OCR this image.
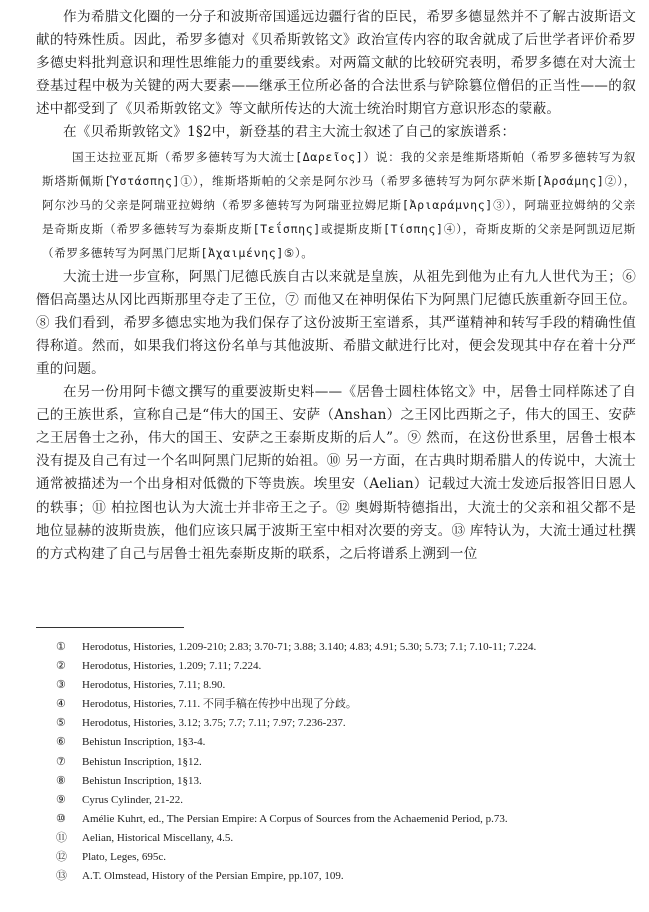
作为希腊文化圈的一分子和波斯帝国遥远边疆行省的臣民，希罗多德显然并不了解古波斯语文献的特殊性质。因此，希罗多德对《贝希斯敦铭文》政治宣传内容的取舍就成了后世学者评价希罗多德史料批判意识和理性思维能力的重要线索。对两篇文献的比较研究表明，希罗多德在对大流士登基过程中极为关键的两大要素——继承王位所必备的合法世系与铲除篡位僧侣的正当性——的叙述中都受到了《贝希斯敦铭文》等文献所传达的大流士统治时期官方意识形态的蒙蔽。

在《贝希斯敦铭文》1§2中，新登基的君主大流士叙述了自己的家族谱系：

国王达拉亚瓦斯（希罗多德转写为大流士[Δαρεῖος]）说：我的父亲是维斯塔斯帕（希罗多德转写为叙斯塔斯佩斯[Ὑστάσπης]①），维斯塔斯帕的父亲是阿尔沙马（希罗多德转写为阿尔萨米斯[Ἀρσάμης]②），阿尔沙马的父亲是阿瑞亚拉姆纳（希罗多德转写为阿瑞亚拉姆尼斯[Ἀριαράμνης]③），阿瑞亚拉姆纳的父亲是奇斯皮斯（希罗多德转写为泰斯皮斯[Τεΐσπης]或提斯皮斯[Τίσπης]④），奇斯皮斯的父亲是阿凯迈尼斯（希罗多德转写为阿黑门尼斯[Ἀχαιμένης]⑤）。

大流士进一步宣称，阿黑门尼德氏族自古以来就是皇族，从祖先到他为止有九人世代为王；⑥ 僭侣高墨达从冈比西斯那里夺走了王位，⑦ 而他又在神明保佑下为阿黑门尼德氏族重新夺回王位。⑧ 我们看到，希罗多德忠实地为我们保存了这份波斯王室谱系，其严谨精神和转写手段的精确性值得称道。然而，如果我们将这份名单与其他波斯、希腊文献进行比对，便会发现其中存在着十分严重的问题。

在另一份用阿卡德文撰写的重要波斯史料——《居鲁士圆柱体铭文》中，居鲁士同样陈述了自己的王族世系，宣称自己是“伟大的国王、安萨（Anshan）之王冈比西斯之子，伟大的国王、安萨之王居鲁士之孙，伟大的国王、安萨之王泰斯皮斯的后人”。⑨ 然而，在这份世系里，居鲁士根本没有提及自己有过一个名叫阿黑门尼斯的始祖。⑩ 另一方面，在古典时期希腊人的传说中，大流士通常被描述为一个出身相对低微的下等贵族。埃里安（Aelian）记载过大流士发迹后报答旧日恩人的轶事；⑪ 柏拉图也认为大流士并非帝王之子。⑫ 奥姆斯特德指出，大流士的父亲和祖父都不是地位显赫的波斯贵族，他们应该只属于波斯王室中相对次要的旁支。⑬ 库特认为，大流士通过杜撰的方式构建了自己与居鲁士祖先泰斯皮斯的联系，之后将谱系上溯到一位

① Herodotus, Histories, 1.209-210; 2.83; 3.70-71; 3.88; 3.140; 4.83; 4.91; 5.30; 5.73; 7.1; 7.10-11; 7.224.
② Herodotus, Histories, 1.209; 7.11; 7.224.
③ Herodotus, Histories, 7.11; 8.90.
④ Herodotus, Histories, 7.11. 不同手稿在传抄中出现了分歧。
⑤ Herodotus, Histories, 3.12; 3.75; 7.7; 7.11; 7.97; 7.236-237.
⑥ Behistun Inscription, 1§3-4.
⑦ Behistun Inscription, 1§12.
⑧ Behistun Inscription, 1§13.
⑨ Cyrus Cylinder, 21-22.
⑩ Amélie Kuhrt, ed., The Persian Empire: A Corpus of Sources from the Achaemenid Period, p.73.
⑪ Aelian, Historical Miscellany, 4.5.
⑫ Plato, Leges, 695c.
⑬ A.T. Olmstead, History of the Persian Empire, pp.107, 109.
